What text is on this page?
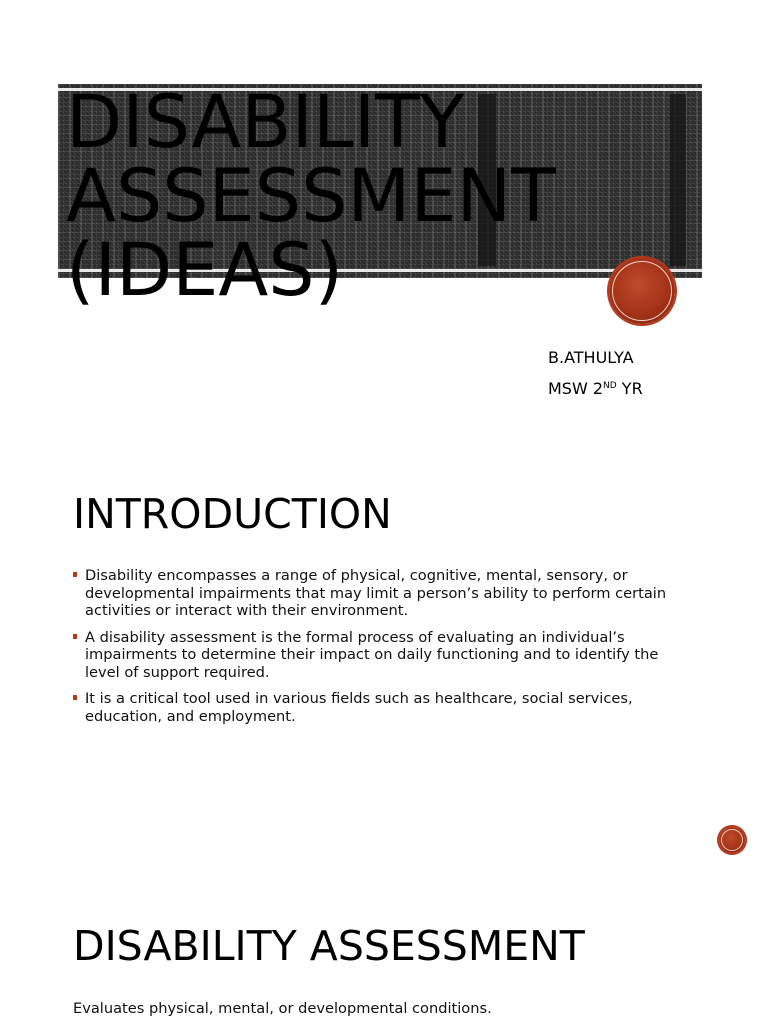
DISABILITY
ASSESSMENT
(IDEAS)
B.ATHULYA
MSW 2ND YR
INTRODUCTION
Disability encompasses a range of physical, cognitive, mental, sensory, or developmental impairments that may limit a person’s ability to perform certain activities or interact with their environment.
A disability assessment is the formal process of evaluating an individual’s impairments to determine their impact on daily functioning and to identify the level of support required.
It is a critical tool used in various fields such as healthcare, social services, education, and employment.
DISABILITY ASSESSMENT

Evaluates physical, mental, or developmental conditions.
